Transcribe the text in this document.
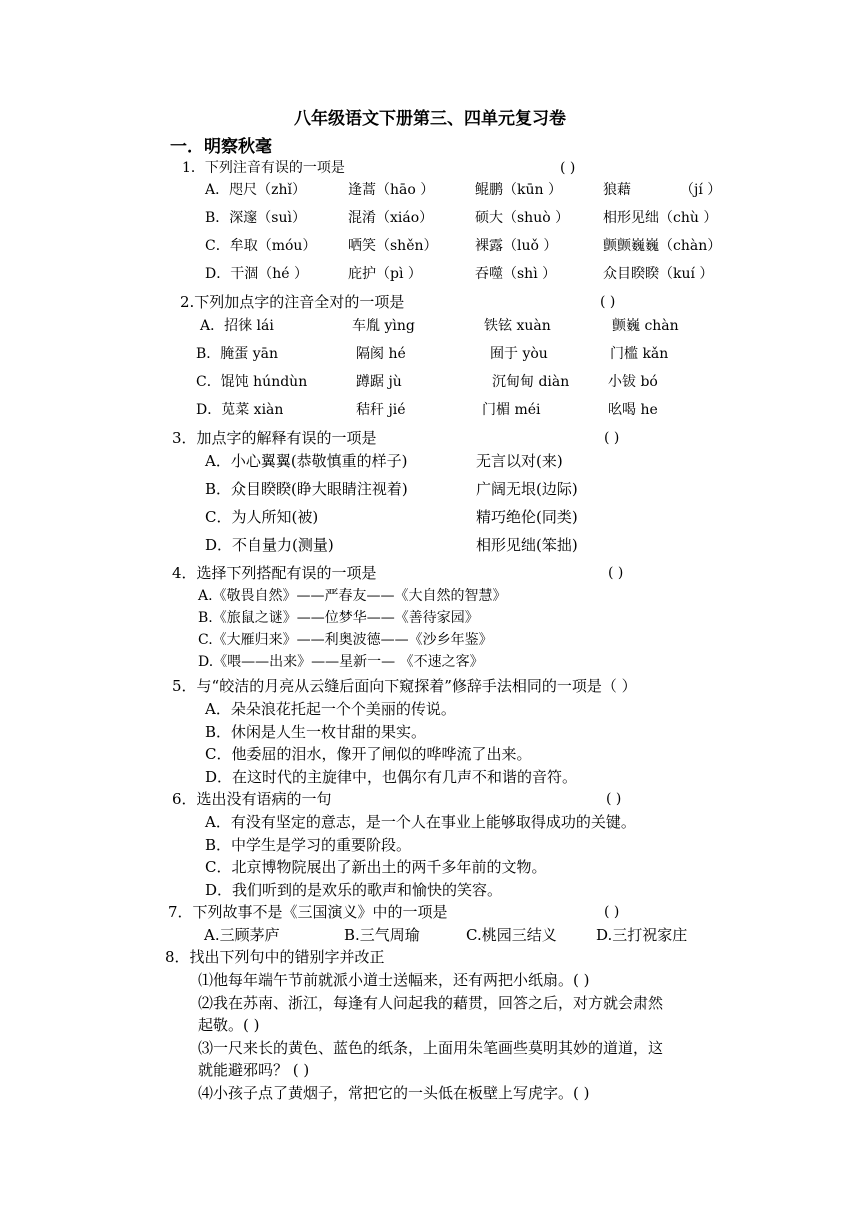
八年级语文下册第三、四单元复习卷
一．明察秋毫
1．下列注音有误的一项是	( )
A．咫尺（zhǐ）	逢蒿（hāo ）	鲲鹏（kūn ）	狼藉	（jí ）
B．深邃（suì）	混淆（xiáo）	硕大（shuò ） 相形见绌（chù ）
C．牟取（móu） 哂笑（shěn）	裸露（luǒ ）	颤颤巍巍（chàn）
D．干涸（hé ）	庇护（pì ）	吞噬（shì ）	众目睽睽（kuí ）
2.下列加点字的注音全对的一项是	( )
A．招徕 lái	车胤 yìng	铁铉 xuàn	颤巍 chàn
B．腌蛋 yān	隔阂 hé	囿于 yòu	门槛 kǎn
C．馄饨 húndùn	蹲踞 jù	沉甸甸 diàn	小钹 bó
D．苋菜 xiàn	秸秆 jié	门楣 méi	吆喝 he
3．加点字的解释有误的一项是	( )
A．小心翼翼(恭敬慎重的样子)	无言以对(来)
B．众目睽睽(睁大眼睛注视着)	广阔无垠(边际)
C．为人所知(被)	精巧绝伦(同类)
D．不自量力(测量)	相形见绌(笨拙)
4．选择下列搭配有误的一项是	( )
A.《敬畏自然》——严春友——《大自然的智慧》
B.《旅鼠之谜》——位梦华——《善待家园》
C.《大雁归来》——利奥波德——《沙乡年鉴》
D.《喂——出来》——星新一— 《不速之客》
5．与“皎洁的月亮从云缝后面向下窥探着”修辞手法相同的一项是（ ）
A．朵朵浪花托起一个个美丽的传说。
B．休闲是人生一枚甘甜的果实。
C．他委屈的泪水，像开了闸似的哗哗流了出来。
D．在这时代的主旋律中，也偶尔有几声不和谐的音符。
6．选出没有语病的一句	( )
A．有没有坚定的意志，是一个人在事业上能够取得成功的关键。
B．中学生是学习的重要阶段。
C．北京博物院展出了新出土的两千多年前的文物。
D．我们听到的是欢乐的歌声和愉快的笑容。
7．下列故事不是《三国演义》中的一项是	( )
A.三顾茅庐	B.三气周瑜	C.桃园三结义	D.三打祝家庄
8．找出下列句中的错别字并改正
⑴他每年端午节前就派小道士送幅来，还有两把小纸扇。( )
⑵我在苏南、浙江，每逢有人问起我的藉贯，回答之后，对方就会肃然
起敬。( )
⑶一尺来长的黄色、蓝色的纸条，上面用朱笔画些莫明其妙的道道，这
就能避邪吗？ ( )
⑷小孩子点了黄烟子，常把它的一头低在板壁上写虎字。( )
